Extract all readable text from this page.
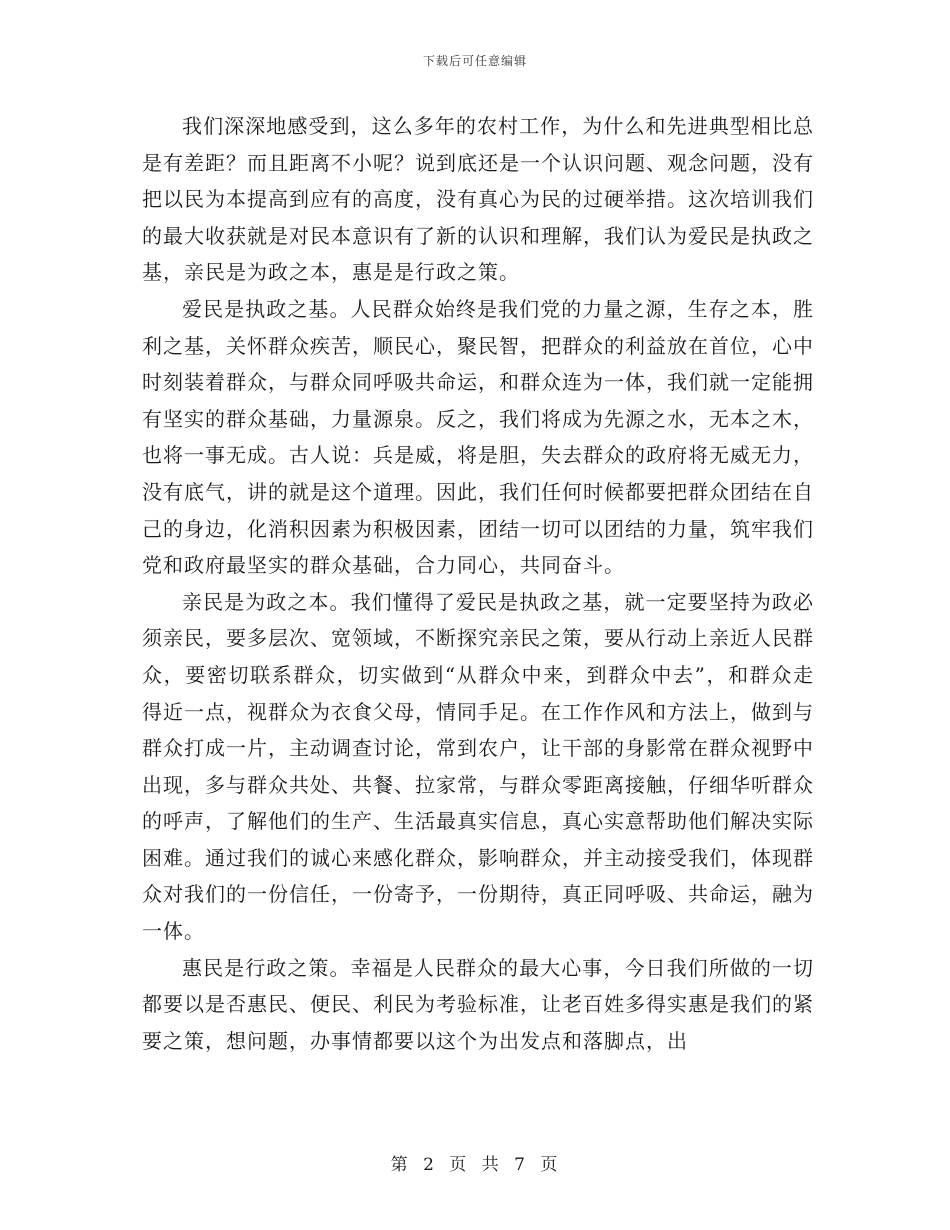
下载后可任意编辑

我们深深地感受到，这么多年的农村工作，为什么和先进典型相比总是有差距？而且距离不小呢？说到底还是一个认识问题、观念问题，没有把以民为本提高到应有的高度，没有真心为民的过硬举措。这次培训我们的最大收获就是对民本意识有了新的认识和理解，我们认为爱民是执政之基，亲民是为政之本，惠是是行政之策。

爱民是执政之基。人民群众始终是我们党的力量之源，生存之本，胜利之基，关怀群众疾苦，顺民心，聚民智，把群众的利益放在首位，心中时刻装着群众，与群众同呼吸共命运，和群众连为一体，我们就一定能拥有坚实的群众基础，力量源泉。反之，我们将成为先源之水，无本之木，也将一事无成。古人说：兵是威，将是胆，失去群众的政府将无威无力，没有底气，讲的就是这个道理。因此，我们任何时候都要把群众团结在自己的身边，化消积因素为积极因素，团结一切可以团结的力量，筑牢我们党和政府最坚实的群众基础，合力同心，共同奋斗。

亲民是为政之本。我们懂得了爱民是执政之基，就一定要坚持为政必须亲民，要多层次、宽领域，不断探究亲民之策，要从行动上亲近人民群众，要密切联系群众，切实做到“从群众中来，到群众中去”，和群众走得近一点，视群众为衣食父母，情同手足。在工作作风和方法上，做到与群众打成一片，主动调查讨论，常到农户，让干部的身影常在群众视野中出现，多与群众共处、共餐、拉家常，与群众零距离接触，仔细华听群众的呼声，了解他们的生产、生活最真实信息，真心实意帮助他们解决实际困难。通过我们的诚心来感化群众，影响群众，并主动接受我们，体现群众对我们的一份信任，一份寄予，一份期待，真正同呼吸、共命运，融为一体。

惠民是行政之策。幸福是人民群众的最大心事，今日我们所做的一切都要以是否惠民、便民、利民为考验标准，让老百姓多得实惠是我们的紧要之策，想问题，办事情都要以这个为出发点和落脚点，出

第 2 页 共 7 页
